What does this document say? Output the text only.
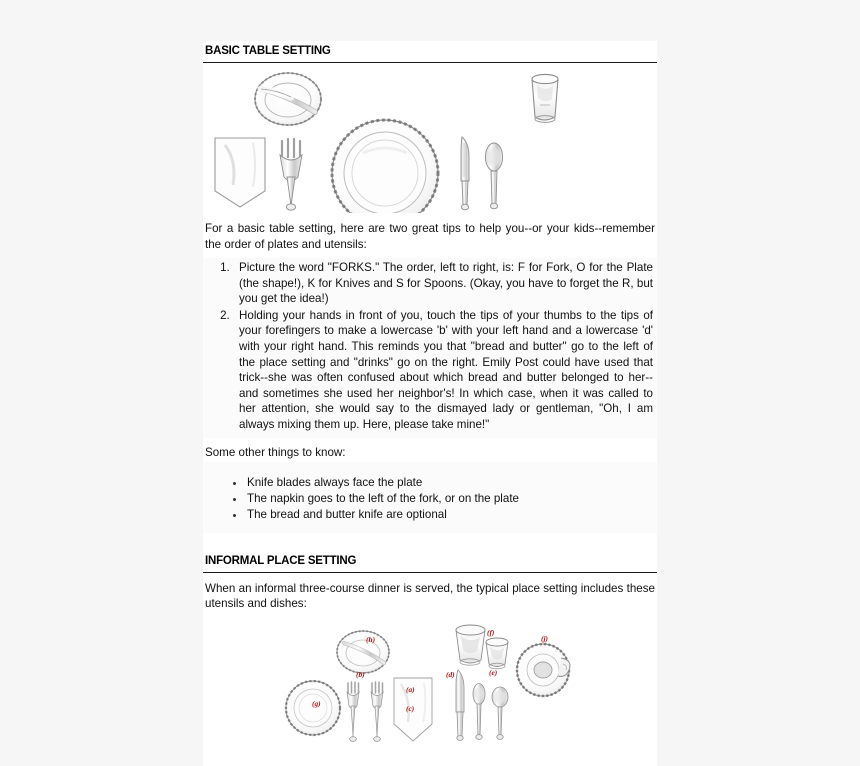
BASIC TABLE SETTING

For a basic table setting, here are two great tips to help you--or your kids--remember the order of plates and utensils:

1. Picture the word "FORKS." The order, left to right, is: F for Fork, O for the Plate (the shape!), K for Knives and S for Spoons. (Okay, you have to forget the R, but you get the idea!)
2. Holding your hands in front of you, touch the tips of your thumbs to the tips of your forefingers to make a lowercase 'b' with your left hand and a lowercase 'd' with your right hand. This reminds you that "bread and butter" go to the left of the place setting and "drinks" go on the right. Emily Post could have used that trick--she was often confused about which bread and butter belonged to her--and sometimes she used her neighbor's! In which case, when it was called to her attention, she would say to the dismayed lady or gentleman, "Oh, I am always mixing them up. Here, please take mine!"

Some other things to know:

Knife blades always face the plate
The napkin goes to the left of the fork, or on the plate
The bread and butter knife are optional
INFORMAL PLACE SETTING

When an informal three-course dinner is served, the typical place setting includes these utensils and dishes:

(h)
(g)
(b)
(a)
(c)
(d)	(e)
(f)
(j)
